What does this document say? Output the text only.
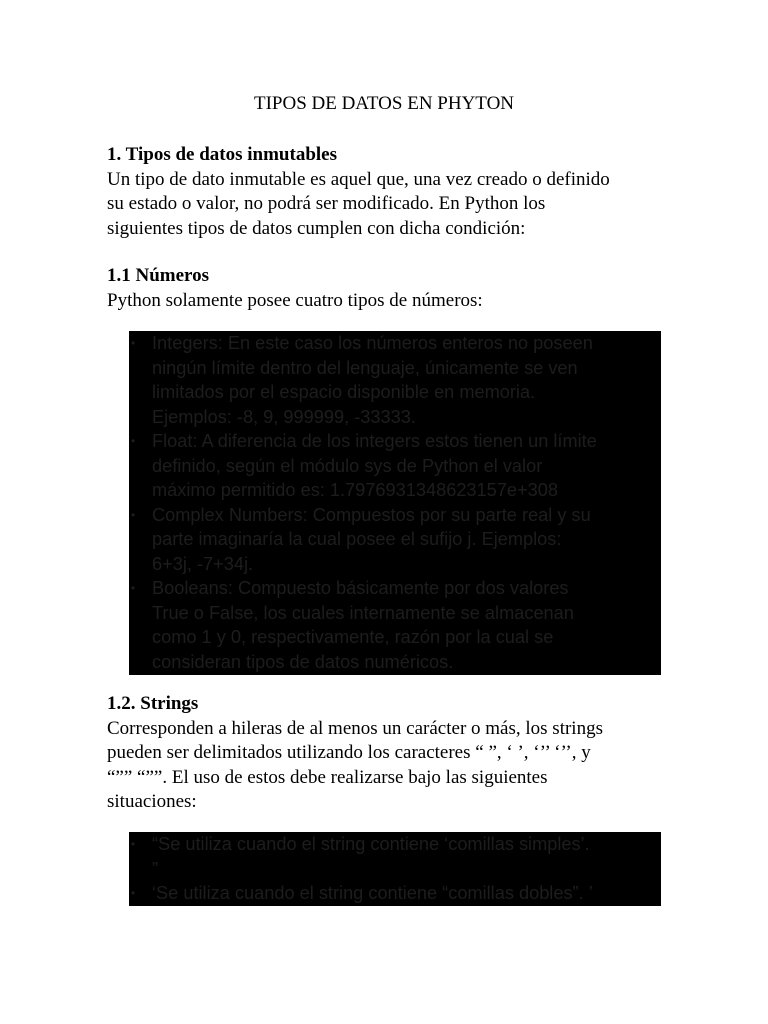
TIPOS DE DATOS EN PHYTON
1. Tipos de datos inmutables
Un tipo de dato inmutable es aquel que, una vez creado o definido
su estado o valor, no podrá ser modificado. En Python los
siguientes tipos de datos cumplen con dicha condición:
1.1 Números
Python solamente posee cuatro tipos de números:
• Integers: En este caso los números enteros no poseen
ningún límite dentro del lenguaje, únicamente se ven
limitados por el espacio disponible en memoria.
Ejemplos: -8, 9, 999999, -33333.
• Float: A diferencia de los integers estos tienen un límite
definido, según el módulo sys de Python el valor
máximo permitido es: 1.7976931348623157e+308
• Complex Numbers: Compuestos por su parte real y su
parte imaginaría la cual posee el sufijo j. Ejemplos:
6+3j, -7+34j.
• Booleans: Compuesto básicamente por dos valores
True o False, los cuales internamente se almacenan
como 1 y 0, respectivamente, razón por la cual se
consideran tipos de datos numéricos.
1.2. Strings
Corresponden a hileras de al menos un carácter o más, los strings
pueden ser delimitados utilizando los caracteres “ ”, ‘ ’, ‘’’ ‘’’, y
“”” “””. El uso de estos debe realizarse bajo las siguientes
situaciones:
• “Se utiliza cuando el string contiene ‘comillas simples’.
”
• ‘Se utiliza cuando el string contiene “comillas dobles”. ’
